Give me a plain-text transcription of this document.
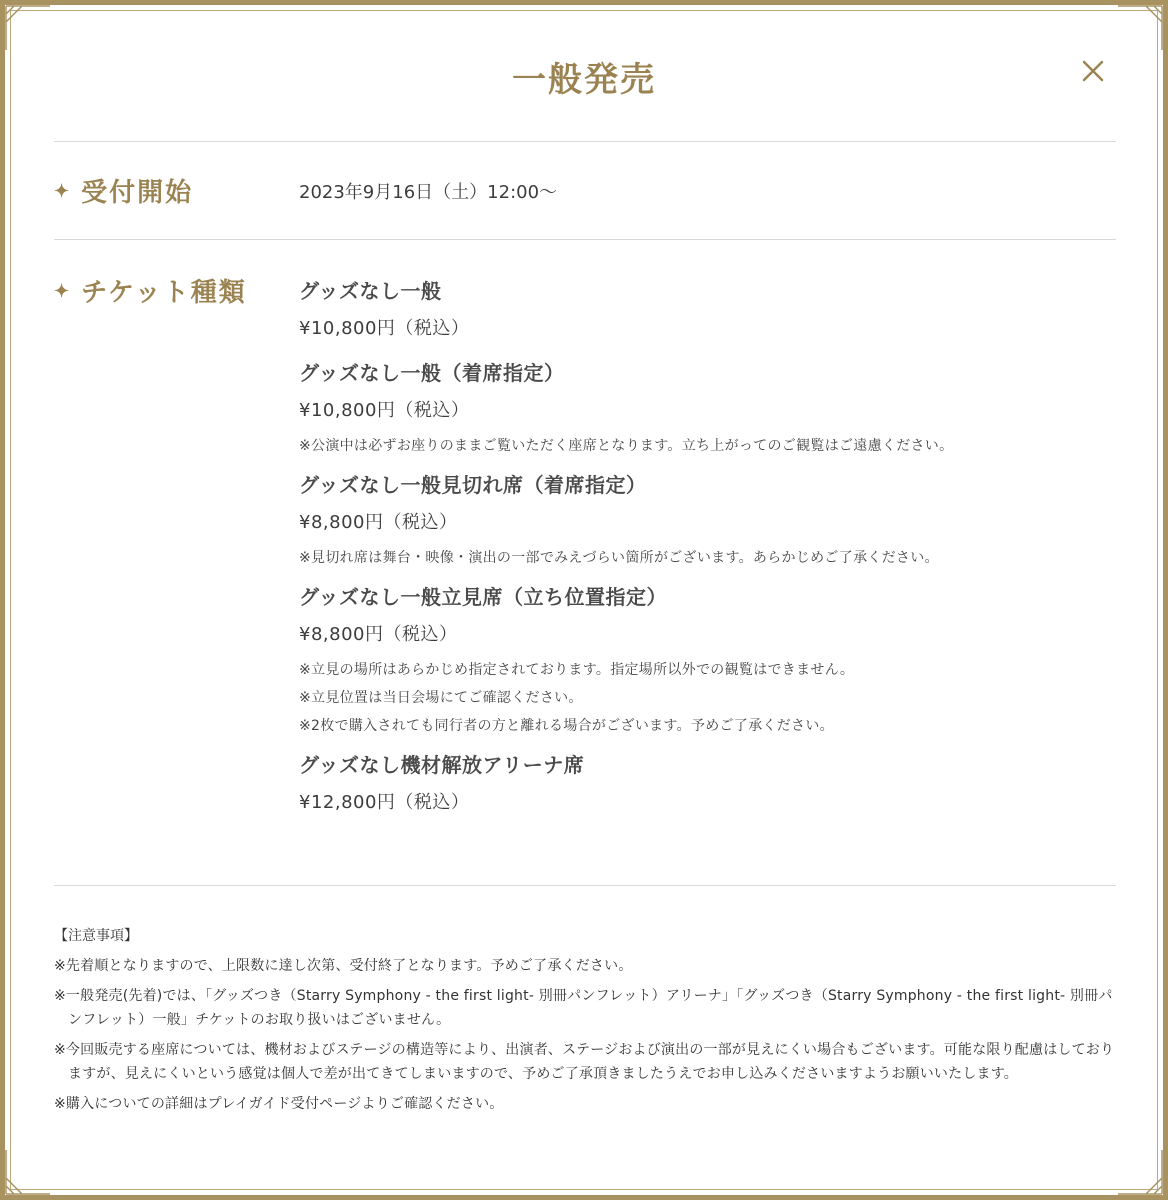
一般発売
✦ 受付開始	2023年9月16日（土）12:00〜
✦ チケット種類	グッズなし一般
¥10,800円（税込）
グッズなし一般（着席指定）
¥10,800円（税込）
※公演中は必ずお座りのままご覧いただく座席となります。立ち上がってのご観覧はご遠慮ください。
グッズなし一般見切れ席（着席指定）
¥8,800円（税込）
※見切れ席は舞台・映像・演出の一部でみえづらい箇所がございます。あらかじめご了承ください。
グッズなし一般立見席（立ち位置指定）
¥8,800円（税込）
※立見の場所はあらかじめ指定されております。指定場所以外での観覧はできません。
※立見位置は当日会場にてご確認ください。
※2枚で購入されても同行者の方と離れる場合がございます。予めご了承ください。
グッズなし機材解放アリーナ席
¥12,800円（税込）
【注意事項】
※先着順となりますので、上限数に達し次第、受付終了となります。予めご了承ください。
※一般発売(先着)では、「グッズつき（Starry Symphony - the first light- 別冊パンフレット）アリーナ」「グッズつき（Starry Symphony - the first light- 別冊パンフレット）一般」チケットのお取り扱いはございません。
※今回販売する座席については、機材およびステージの構造等により、出演者、ステージおよび演出の一部が見えにくい場合もございます。可能な限り配慮はしておりますが、見えにくいという感覚は個人で差が出てきてしまいますので、予めご了承頂きましたうえでお申し込みくださいますようお願いいたします。
※購入についての詳細はプレイガイド受付ページよりご確認ください。
